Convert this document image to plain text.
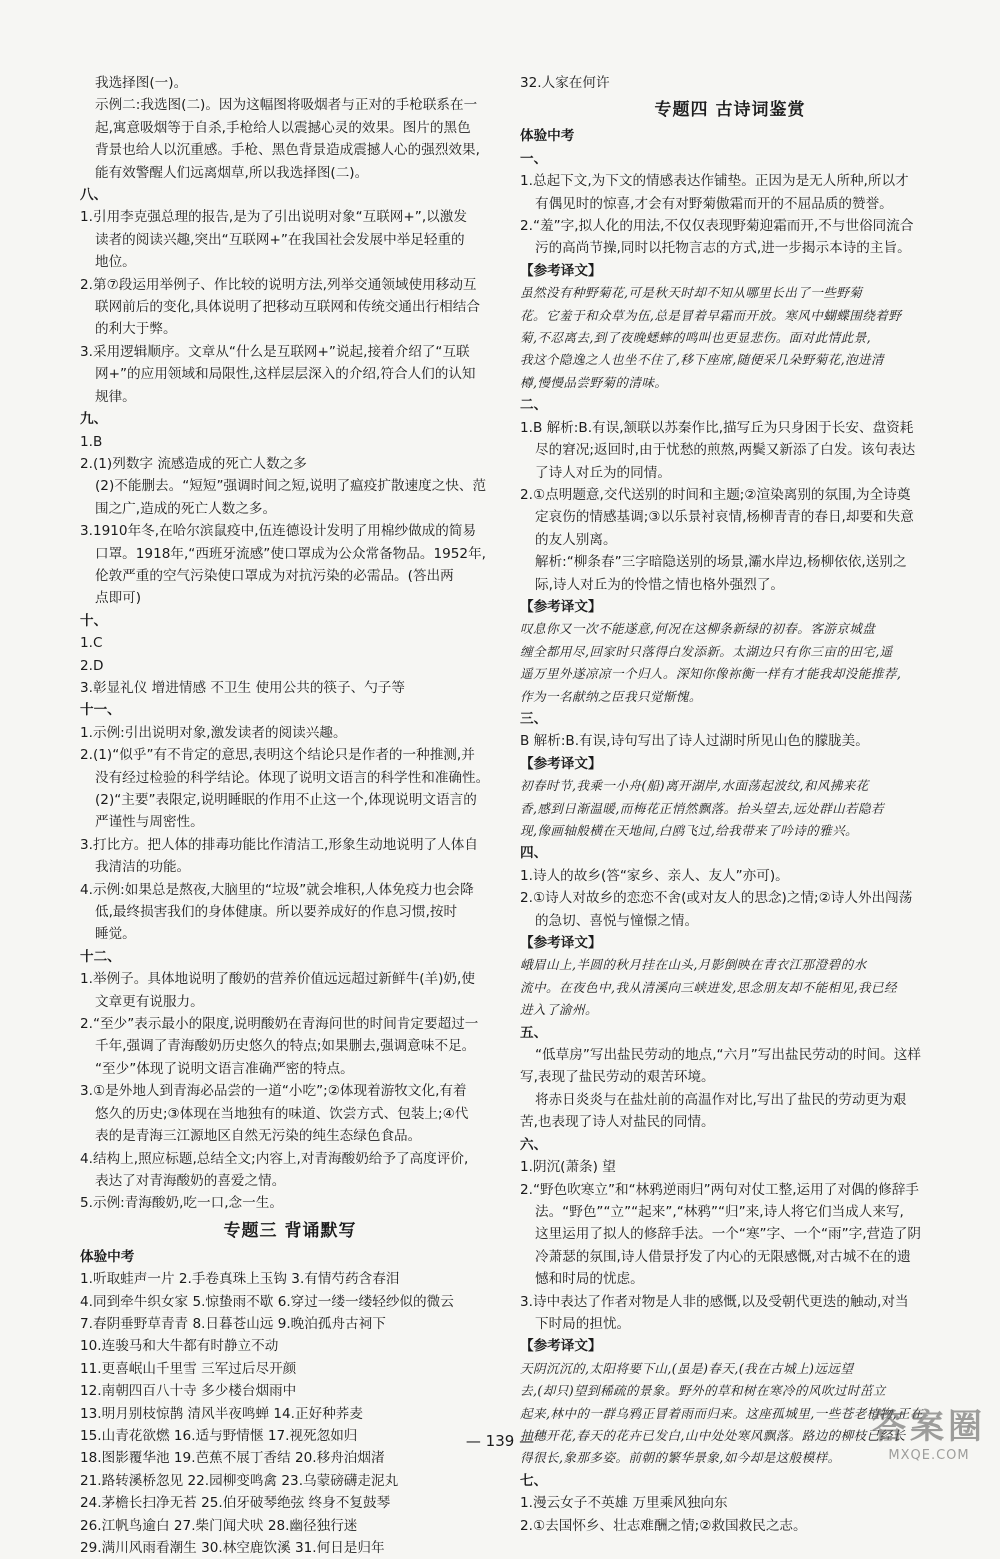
我选择图(一)。
示例二:我选图(二)。因为这幅图将吸烟者与正对的手枪联系在一
起,寓意吸烟等于自杀,手枪给人以震撼心灵的效果。图片的黑色
背景也给人以沉重感。手枪、黑色背景造成震撼人心的强烈效果,
能有效警醒人们远离烟草,所以我选择图(二)。
八、
1.引用李克强总理的报告,是为了引出说明对象“互联网+”,以激发
读者的阅读兴趣,突出“互联网+”在我国社会发展中举足轻重的
地位。
2.第⑦段运用举例子、作比较的说明方法,列举交通领域使用移动互
联网前后的变化,具体说明了把移动互联网和传统交通出行相结合
的利大于弊。
3.采用逻辑顺序。文章从“什么是互联网+”说起,接着介绍了“互联
网+”的应用领域和局限性,这样层层深入的介绍,符合人们的认知
规律。
九、
1.B
2.(1)列数字 流感造成的死亡人数之多
(2)不能删去。“短短”强调时间之短,说明了瘟疫扩散速度之快、范
围之广,造成的死亡人数之多。
3.1910年冬,在哈尔滨鼠疫中,伍连德设计发明了用棉纱做成的简易
口罩。1918年,“西班牙流感”使口罩成为公众常备物品。1952年,
伦敦严重的空气污染使口罩成为对抗污染的必需品。(答出两
点即可)
十、
1.C
2.D
3.彰显礼仪 增进情感 不卫生 使用公共的筷子、勺子等
十一、
1.示例:引出说明对象,激发读者的阅读兴趣。
2.(1)“似乎”有不肯定的意思,表明这个结论只是作者的一种推测,并
没有经过检验的科学结论。体现了说明文语言的科学性和准确性。
(2)“主要”表限定,说明睡眠的作用不止这一个,体现说明文语言的
严谨性与周密性。
3.打比方。把人体的排毒功能比作清洁工,形象生动地说明了人体自
我清洁的功能。
4.示例:如果总是熬夜,大脑里的“垃圾”就会堆积,人体免疫力也会降
低,最终损害我们的身体健康。所以要养成好的作息习惯,按时
睡觉。
十二、
1.举例子。具体地说明了酸奶的营养价值远远超过新鲜牛(羊)奶,使
文章更有说服力。
2.“至少”表示最小的限度,说明酸奶在青海问世的时间肯定要超过一
千年,强调了青海酸奶历史悠久的特点;如果删去,强调意味不足。
“至少”体现了说明文语言准确严密的特点。
3.①是外地人到青海必品尝的一道“小吃”;②体现着游牧文化,有着
悠久的历史;③体现在当地独有的味道、饮尝方式、包装上;④代
表的是青海三江源地区自然无污染的纯生态绿色食品。
4.结构上,照应标题,总结全文;内容上,对青海酸奶给予了高度评价,
表达了对青海酸奶的喜爱之情。
5.示例:青海酸奶,吃一口,念一生。
专题三 背诵默写
体验中考
1.听取蛙声一片 2.手卷真珠上玉钩 3.有情芍药含春泪
4.同到牵牛织女家 5.惊蛰雨不歇 6.穿过一缕一缕轻纱似的微云
7.春阴垂野草青青 8.日暮苍山远 9.晚泊孤舟古祠下
10.连骏马和大牛都有时静立不动
11.更喜岷山千里雪 三军过后尽开颜
12.南朝四百八十寺 多少楼台烟雨中
13.明月别枝惊鹊 清风半夜鸣蝉 14.正好种荞麦
15.山青花欲燃 16.适与野情惬 17.视死忽如归
18.图影覆华池 19.芭蕉不展丁香结 20.移舟泊烟渚
21.路转溪桥忽见 22.园柳变鸣禽 23.乌蒙磅礴走泥丸
24.茅檐长扫净无苔 25.伯牙破琴绝弦 终身不复鼓琴
26.江帆鸟逾白 27.柴门闻犬吠 28.幽径独行迷
29.满川风雨看潮生 30.林空鹿饮溪 31.何日是归年
32.人家在何许
专题四 古诗词鉴赏
体验中考
一、
1.总起下文,为下文的情感表达作铺垫。正因为是无人所种,所以才
有偶见时的惊喜,才会有对野菊傲霜而开的不屈品质的赞誉。
2.“羞”字,拟人化的用法,不仅仅表现野菊迎霜而开,不与世俗同流合
污的高尚节操,同时以托物言志的方式,进一步揭示本诗的主旨。
【参考译文】
虽然没有种野菊花,可是秋天时却不知从哪里长出了一些野菊
花。它羞于和众草为伍,总是冒着早霜而开放。寒风中蝴蝶围绕着野
菊,不忍离去,到了夜晚蟋蟀的鸣叫也更显悲伤。面对此情此景,
我这个隐逸之人也坐不住了,移下座席,随便采几朵野菊花,泡进清
樽,慢慢品尝野菊的清味。
二、
1.B 解析:B.有误,颔联以苏秦作比,描写丘为只身困于长安、盘资耗
尽的窘况;返回时,由于忧愁的煎熬,两鬓又新添了白发。该句表达
了诗人对丘为的同情。
2.①点明题意,交代送别的时间和主题;②渲染离别的氛围,为全诗奠
定哀伤的情感基调;③以乐景衬哀情,杨柳青青的春日,却要和失意
的友人别离。
解析:“柳条春”三字暗隐送别的场景,灞水岸边,杨柳依依,送别之
际,诗人对丘为的怜惜之情也格外强烈了。
【参考译文】
叹息你又一次不能遂意,何况在这柳条新绿的初春。客游京城盘
缠全都用尽,回家时只落得白发添新。太湖边只有你三亩的田宅,遥
遥万里外遂凉凉一个归人。深知你像祢衡一样有才能我却没能推荐,
作为一名献纳之臣我只觉惭愧。
三、
B 解析:B.有误,诗句写出了诗人过湖时所见山色的朦胧美。
【参考译文】
初春时节,我乘一小舟(船)离开湖岸,水面荡起波纹,和风拂来花
香,感到日渐温暖,而梅花正悄然飘落。抬头望去,远处群山若隐若
现,像画轴般横在天地间,白鸥飞过,给我带来了吟诗的雅兴。
四、
1.诗人的故乡(答“家乡、亲人、友人”亦可)。
2.①诗人对故乡的恋恋不舍(或对友人的思念)之情;②诗人外出闯荡
的急切、喜悦与憧憬之情。
【参考译文】
峨眉山上,半圆的秋月挂在山头,月影倒映在青衣江那澄碧的水
流中。在夜色中,我从清溪向三峡进发,思念朋友却不能相见,我已经
进入了渝州。
五、
“低草房”写出盐民劳动的地点,“六月”写出盐民劳动的时间。这样
写,表现了盐民劳动的艰苦环境。
将赤日炎炎与在盐灶前的高温作对比,写出了盐民的劳动更为艰
苦,也表现了诗人对盐民的同情。
六、
1.阴沉(萧条) 望
2.“野色吹寒立”和“林鸦逆雨归”两句对仗工整,运用了对偶的修辞手
法。“野色”“立”“起来”,“林鸦”“归”来,诗人将它们当成人来写,
这里运用了拟人的修辞手法。一个“寒”字、一个“雨”字,营造了阴
冷萧瑟的氛围,诗人借景抒发了内心的无限感慨,对古城不在的遗
憾和时局的忧虑。
3.诗中表达了作者对物是人非的感慨,以及受朝代更迭的触动,对当
下时局的担忧。
【参考译文】
天阴沉沉的,太阳将要下山,(虽是)春天,(我在古城上)远远望
去,(却只)望到稀疏的景象。野外的草和树在寒冷的风吹过时茁立
起来,林中的一群乌鸦正冒着雨而归来。这座孤城里,一些苍老植物,正在
抽穗开花,春天的花卉已发白,山中处处寒风飘落。路边的柳枝已经长
得很长,象那多姿。前朝的繁华景象,如今却是这般模样。
七、
1.漫云女子不英雄 万里乘风独向东
2.①去国怀乡、壮志难酬之情;②救国救民之志。
— 139 —	答案圈
MXQE.COM
